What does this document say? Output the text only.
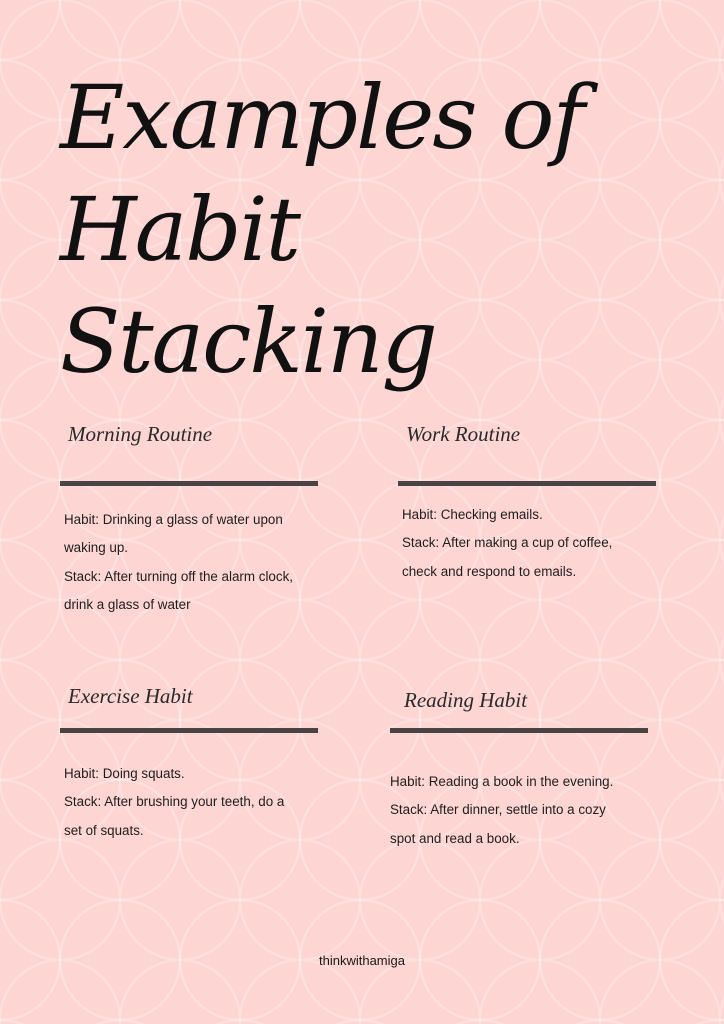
Examples of
Habit
Stacking
Morning Routine

Habit: Drinking a glass of water upon waking up.

Stack: After turning off the alarm clock, drink a glass of water

Work Routine

Habit: Checking emails.

Stack: After making a cup of coffee, check and respond to emails.

Exercise Habit

Habit: Doing squats.

Stack: After brushing your teeth, do a set of squats.

Reading Habit

Habit: Reading a book in the evening.

Stack: After dinner, settle into a cozy spot and read a book.

thinkwithamiga
